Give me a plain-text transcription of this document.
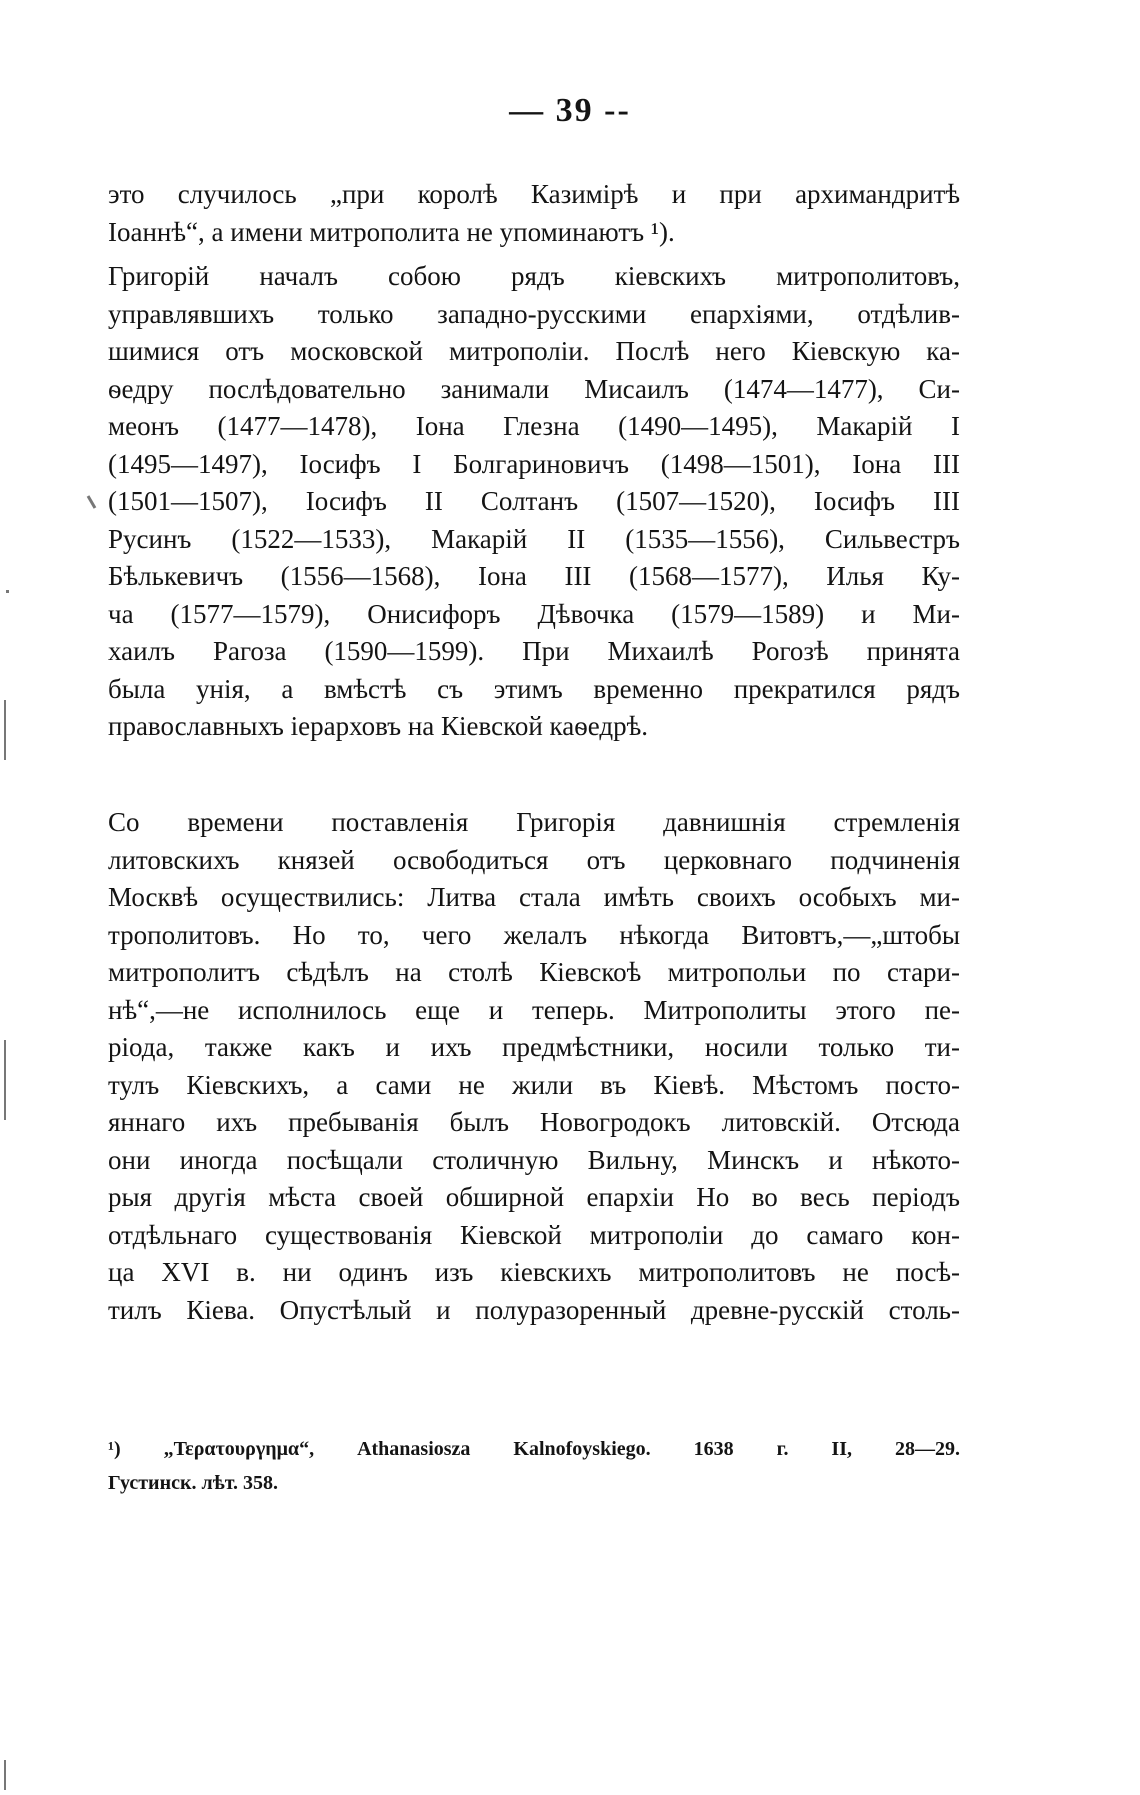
— 39 --
это случилось „при королѣ Казимірѣ и при архимандритѣ
Іоаннѣ“, а имени митрополита не упоминаютъ ¹).
Григорій началъ собою рядъ кіевскихъ митрополитовъ,
управлявшихъ только западно-русскими епархіями, отдѣлив-
шимися отъ московской митрополіи. Послѣ него Кіевскую ка-
ѳедру послѣдовательно занимали Мисаилъ (1474—1477), Си-
меонъ (1477—1478), Іона Глезна (1490—1495), Макарій I
(1495—1497), Іосифъ I Болгариновичъ (1498—1501), Іона III
(1501—1507), Іосифъ II Солтанъ (1507—1520), Іосифъ III
Русинъ (1522—1533), Макарій II (1535—1556), Сильвестръ
Бѣлькевичъ (1556—1568), Іона III (1568—1577), Илья Ку-
ча (1577—1579), Онисифоръ Дѣвочка (1579—1589) и Ми-
хаилъ Рагоза (1590—1599). При Михаилѣ Рогозѣ принята
была унія, а вмѣстѣ съ этимъ временно прекратился рядъ
православныхъ іерарховъ на Кіевской каѳедрѣ.
Со времени поставленія Григорія давнишнія стремленія
литовскихъ князей освободиться отъ церковнаго подчиненія
Москвѣ осуществились: Литва стала имѣть своихъ особыхъ ми-
трополитовъ. Но то, чего желалъ нѣкогда Витовтъ,—„штобы
митрополитъ сѣдѣлъ на столѣ Кіевскоѣ митропольи по стари-
нѣ“,—не исполнилось еще и теперь. Митрополиты этого пе-
ріода, также какъ и ихъ предмѣстники, носили только ти-
тулъ Кіевскихъ, а сами не жили въ Кіевѣ. Мѣстомъ посто-
яннаго ихъ пребыванія былъ Новогродокъ литовскій. Отсюда
они иногда посѣщали столичную Вильну, Минскъ и нѣкото-
рыя другія мѣста своей обширной епархіи Но во весь періодъ
отдѣльнаго существованія Кіевской митрополіи до самаго кон-
ца XVI в. ни одинъ изъ кіевскихъ митрополитовъ не посѣ-
тилъ Кіева. Опустѣлый и полуразоренный древне-русскій столь-
¹) „Τερατουργημα“, Athanasiosza Kalnofoyskiego. 1638 г. II, 28—29.
Густинск. лѣт. 358.
